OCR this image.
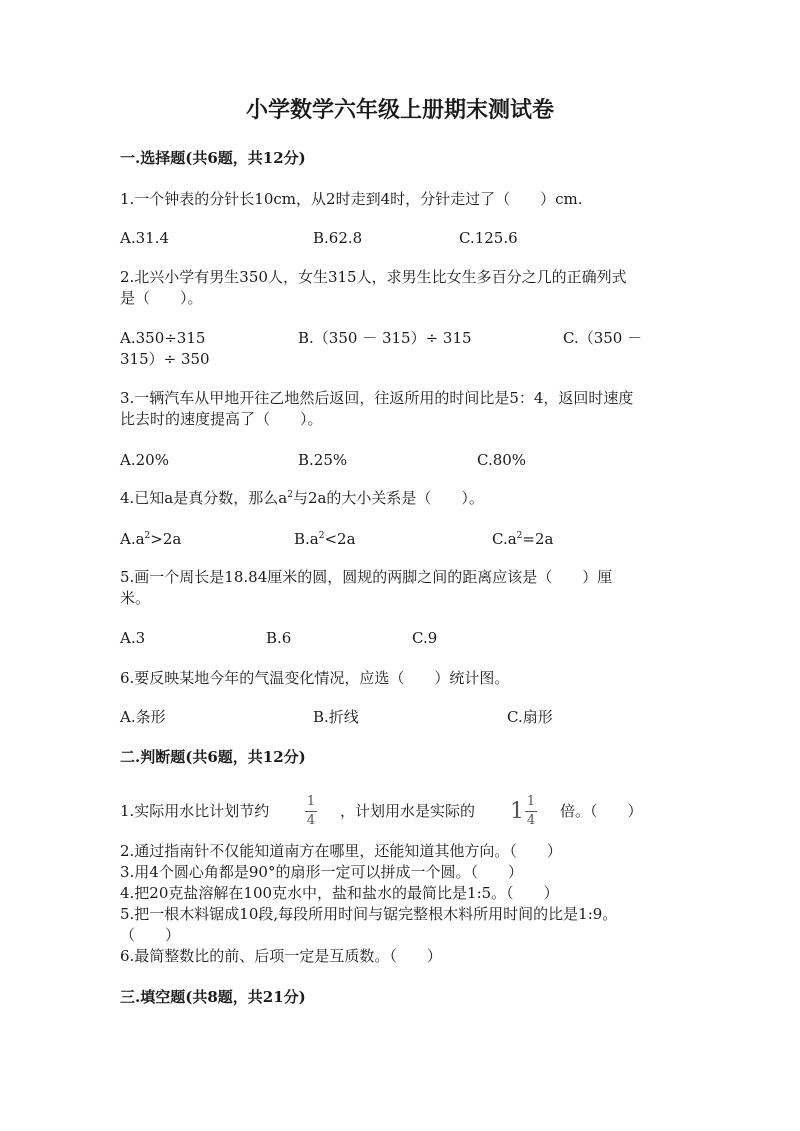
小学数学六年级上册期末测试卷
一.选择题(共6题，共12分)
1.一个钟表的分针长10cm，从2时走到4时，分针走过了（　　）cm.
A.31.4	B.62.8	C.125.6
2.北兴小学有男生350人，女生315人，求男生比女生多百分之几的正确列式
是（　　）。
A.350÷315	B.（350 － 315）÷ 315	C.（350 －
315）÷ 350
3.一辆汽车从甲地开往乙地然后返回，往返所用的时间比是5：4，返回时速度
比去时的速度提高了（　　）。
A.20%	B.25%	C.80%
4.已知a是真分数，那么$a^2$与2a的大小关系是（　　）。
$A.a^2>2a$	$B.a^2<2a$	$C.a^2=2a$
5.画一个周长是18.84厘米的圆，圆规的两脚之间的距离应该是（　　）厘
米。
A.3	B.6	C.9
6.要反映某地今年的气温变化情况，应选（　　）统计图。
A.条形	B.折线	C.扇形
二.判断题(共6题，共12分)
1.实际用水比计划节约
1
4
，计划用水是实际的 $1 \frac{1}{4}$ 倍。（　　）
2.通过指南针不仅能知道南方在哪里，还能知道其他方向。（　　）
3.用4个圆心角都是90°的扇形一定可以拼成一个圆。（　　）
4.把20克盐溶解在100克水中，盐和盐水的最简比是1:5。（　　）
5.把一根木料锯成10段,每段所用时间与锯完整根木料所用时间的比是1:9。
（　　）
6.最简整数比的前、后项一定是互质数。（　　）
三.填空题(共8题，共21分)
